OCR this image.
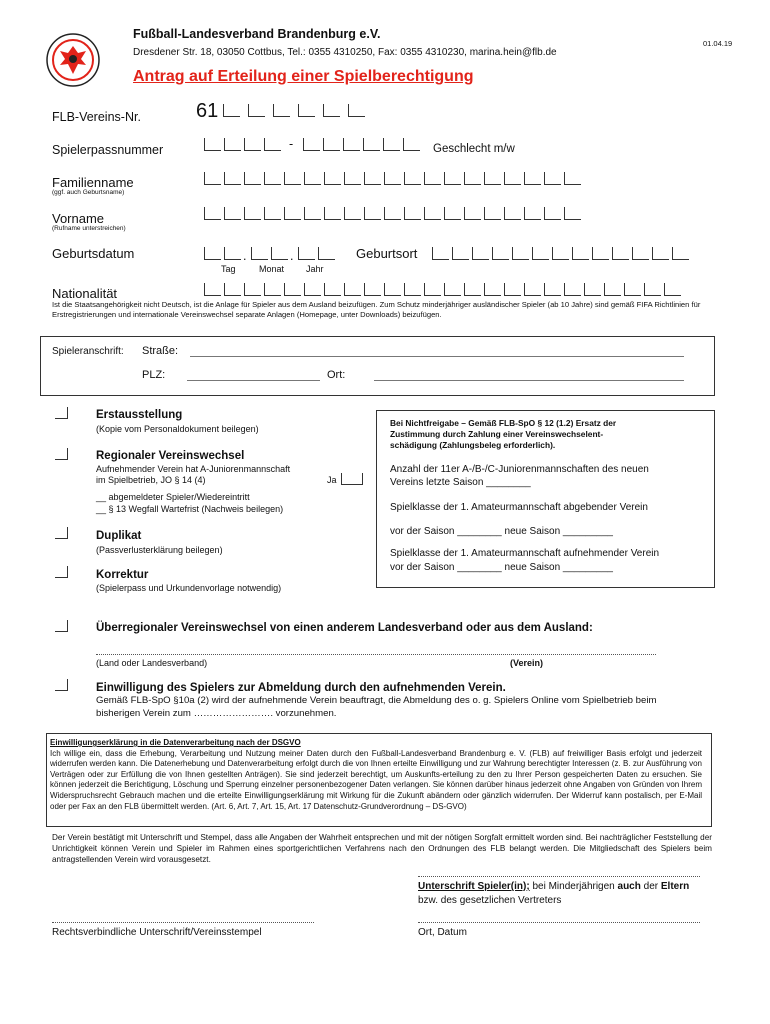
Fußball-Landesverband Brandenburg e.V.
Dresdener Str. 18, 03050 Cottbus, Tel.: 0355 4310250, Fax: 0355 4310230, marina.hein@flb.de
01.04.19
Antrag auf Erteilung einer Spielberechtigung
FLB-Vereins-Nr.	61
Spielerpassnummer	-	Geschlecht m/w
Familienname
(ggf. auch Geburtsname)
Vorname
(Rufname unterstreichen)
Geburtsdatum	.	.
Tag	Monat Jahr
Geburtsort
Nationalität
Ist die Staatsangehörigkeit nicht Deutsch, ist die Anlage für Spieler aus dem Ausland beizufügen. Zum Schutz minderjähriger ausländischer Spieler (ab 10 Jahre) sind gemäß FIFA Richtlinien für Erstregistrierungen und internationale Vereinswechsel separate Anlagen (Homepage, unter Downloads) beizufügen.
Spieleranschrift: Straße:
PLZ:	Ort:
Erstausstellung
(Kopie vom Personaldokument beilegen)
Regionaler Vereinswechsel
Aufnehmender Verein hat A-Juniorenmannschaft
im Spielbetrieb, JO § 14 (4)	Ja
__ abgemeldeter Spieler/Wiedereintritt
__ § 13 Wegfall Wartefrist (Nachweis beilegen)
Duplikat
(Passverlusterklärung beilegen)
Korrektur
(Spielerpass und Urkundenvorlage notwendig)
Bei Nichtfreigabe – Gemäß FLB-SpO § 12 (1.2) Ersatz der
Zustimmung durch Zahlung einer Vereinswechselent-
schädigung (Zahlungsbeleg erforderlich).
Anzahl der 11er A-/B-/C-Juniorenmannschaften des neuen
Vereins letzte Saison ________
Spielklasse der 1. Amateurmannschaft abgebender Verein
vor der Saison ________ neue Saison _________
Spielklasse der 1. Amateurmannschaft aufnehmender Verein
vor der Saison ________ neue Saison _________
Überregionaler Vereinswechsel von einen anderem Landesverband oder aus dem Ausland:
(Land oder Landesverband)	(Verein)
Einwilligung des Spielers zur Abmeldung durch den aufnehmenden Verein.
Gemäß FLB-SpO §10a (2) wird der aufnehmende Verein beauftragt, die Abmeldung des o. g. Spielers Online vom Spielbetrieb beim
bisherigen Verein zum ……………………. vorzunehmen.
Einwilligungserklärung in die Datenverarbeitung nach der DSGVO
Ich willige ein, dass die Erhebung, Verarbeitung und Nutzung meiner Daten durch den Fußball-Landesverband Brandenburg e. V. (FLB) auf freiwilliger Basis erfolgt und jederzeit widerrufen werden kann. Die Datenerhebung und Datenverarbeitung erfolgt durch die von Ihnen erteilte Einwilligung und zur Wahrung berechtigter Interessen (z. B. zur Ausführung von Verträgen oder zur Erfüllung die von Ihnen gestellten Anträgen). Sie sind jederzeit berechtigt, um Auskunfts-erteilung zu den zu Ihrer Person gespeicherten Daten zu ersuchen. Sie können jederzeit die Berichtigung, Löschung und Sperrung einzelner personenbezogener Daten verlangen. Sie können darüber hinaus jederzeit ohne Angaben von Gründen von Ihrem Widerspruchsrecht Gebrauch machen und die erteilte Einwilligungserklärung mit Wirkung für die Zukunft abändern oder gänzlich widerrufen. Der Widerruf kann postalisch, per E-Mail oder per Fax an den FLB übermittelt werden. (Art. 6, Art. 7, Art. 15, Art. 17 Datenschutz-Grundverordnung – DS-GVO)
Der Verein bestätigt mit Unterschrift und Stempel, dass alle Angaben der Wahrheit entsprechen und mit der nötigen Sorgfalt ermittelt worden sind. Bei nachträglicher Feststellung der Unrichtigkeit können Verein und Spieler im Rahmen eines sportgerichtlichen Verfahrens nach den Ordnungen des FLB belangt werden. Die Mitgliedschaft des Spielers beim antragstellenden Verein wird vorausgesetzt.
Unterschrift Spieler(in); bei Minderjährigen auch der Eltern
bzw. des gesetzlichen Vertreters
Rechtsverbindliche Unterschrift/Vereinsstempel	Ort, Datum
